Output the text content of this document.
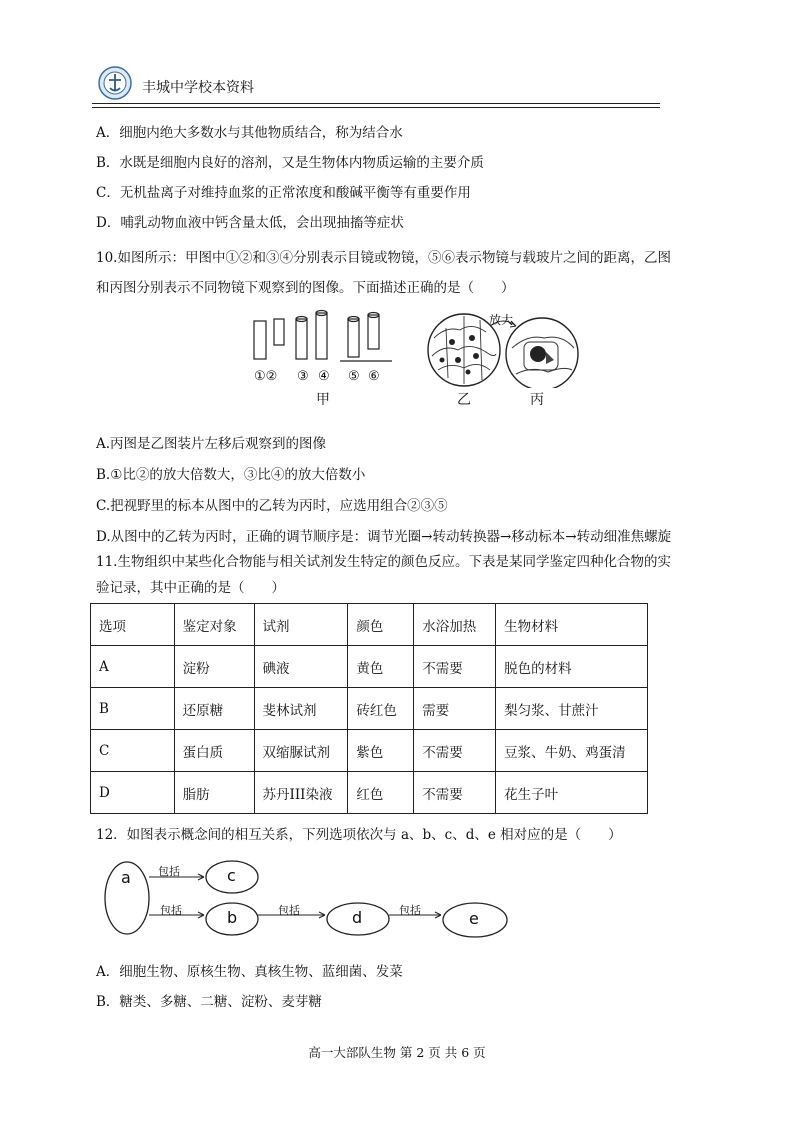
丰城中学校本资料
A．细胞内绝大多数水与其他物质结合，称为结合水
B．水既是细胞内良好的溶剂，又是生物体内物质运输的主要介质
C．无机盐离子对维持血浆的正常浓度和酸碱平衡等有重要作用
D．哺乳动物血液中钙含量太低，会出现抽搐等症状
10.如图所示：甲图中①②和③④分别表示目镜或物镜，⑤⑥表示物镜与载玻片之间的距离，乙图
和丙图分别表示不同物镜下观察到的图像。下面描述正确的是（　　）
①② ③ ④ ⑤ ⑥
甲
放大
乙	丙
A.丙图是乙图装片左移后观察到的图像
B.①比②的放大倍数大，③比④的放大倍数小
C.把视野里的标本从图中的乙转为丙时，应选用组合②③⑤
D.从图中的乙转为丙时，正确的调节顺序是：调节光圈→转动转换器→移动标本→转动细准焦螺旋
11.生物组织中某些化合物能与相关试剂发生特定的颜色反应。下表是某同学鉴定四种化合物的实
验记录，其中正确的是（　　）
选项	鉴定对象	试剂	颜色	水浴加热	生物材料
A	淀粉	碘液	黄色	不需要	脱色的材料
B	还原糖	斐林试剂	砖红色	需要	梨匀浆、甘蔗汁
C	蛋白质	双缩脲试剂	紫色	不需要	豆浆、牛奶、鸡蛋清
D	脂肪	苏丹III染液	红色	不需要	花生子叶
12．如图表示概念间的相互关系，下列选项依次与 a、b、c、d、e 相对应的是（　　）
a
b
c
d	e
包括
包括	包括	包括
A．细胞生物、原核生物、真核生物、蓝细菌、发菜
B．糖类、多糖、二糖、淀粉、麦芽糖
高一大部队生物 第 2 页 共 6 页
